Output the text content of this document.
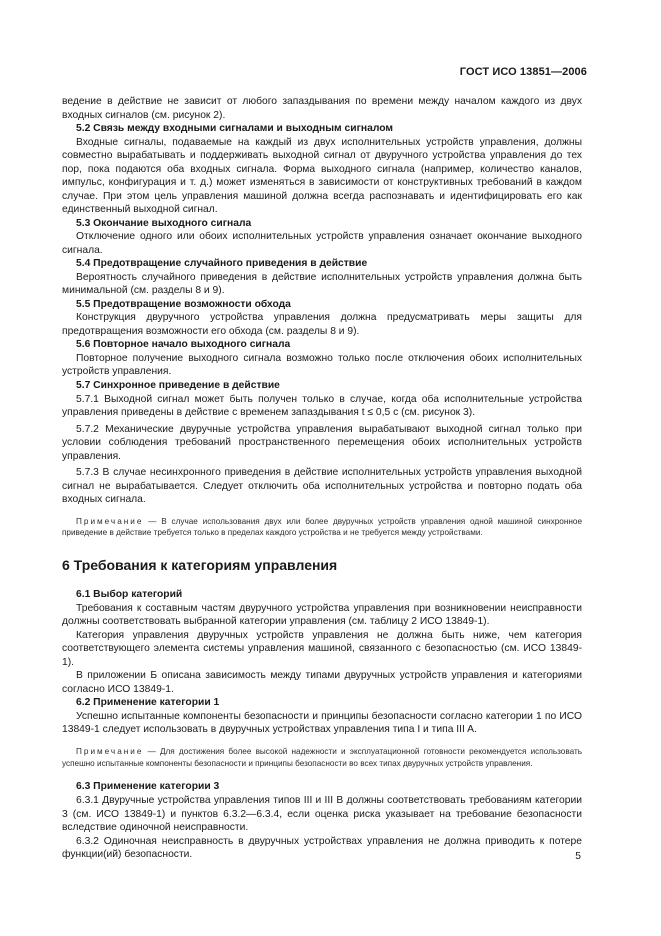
ГОСТ ИСО 13851—2006

ведение в действие не зависит от любого запаздывания по времени между началом каждого из двух входных сигналов (см. рисунок 2).

5.2 Связь между входными сигналами и выходным сигналом

Входные сигналы, подаваемые на каждый из двух исполнительных устройств управления, должны совместно вырабатывать и поддерживать выходной сигнал от двуручного устройства управления до тех пор, пока подаются оба входных сигнала. Форма выходного сигнала (например, количество каналов, импульс, конфигурация и т. д.) может изменяться в зависимости от конструктивных требований в каждом случае. При этом цель управления машиной должна всегда распознавать и идентифицировать его как единственный выходной сигнал.

5.3 Окончание выходного сигнала

Отключение одного или обоих исполнительных устройств управления означает окончание выходного сигнала.

5.4 Предотвращение случайного приведения в действие

Вероятность случайного приведения в действие исполнительных устройств управления должна быть минимальной (см. разделы 8 и 9).

5.5 Предотвращение возможности обхода

Конструкция двуручного устройства управления должна предусматривать меры защиты для предотвращения возможности его обхода (см. разделы 8 и 9).

5.6 Повторное начало выходного сигнала

Повторное получение выходного сигнала возможно только после отключения обоих исполнительных устройств управления.

5.7 Синхронное приведение в действие

5.7.1 Выходной сигнал может быть получен только в случае, когда оба исполнительные устройства управления приведены в действие с временем запаздывания t ≤ 0,5 с (см. рисунок 3).

5.7.2 Механические двуручные устройства управления вырабатывают выходной сигнал только при условии соблюдения требований пространственного перемещения обоих исполнительных устройств управления.

5.7.3 В случае несинхронного приведения в действие исполнительных устройств управления выходной сигнал не вырабатывается. Следует отключить оба исполнительных устройства и повторно подать оба входных сигнала.

Примечание — В случае использования двух или более двуручных устройств управления одной машиной синхронное приведение в действие требуется только в пределах каждого устройства и не требуется между устройствами.
6 Требования к категориям управления
6.1 Выбор категорий

Требования к составным частям двуручного устройства управления при возникновении неисправности должны соответствовать выбранной категории управления (см. таблицу 2 ИСО 13849-1).

Категория управления двуручных устройств управления не должна быть ниже, чем категория соответствующего элемента системы управления машиной, связанного с безопасностью (см. ИСО 13849-1).

В приложении Б описана зависимость между типами двуручных устройств управления и категориями согласно ИСО 13849-1.

6.2 Применение категории 1

Успешно испытанные компоненты безопасности и принципы безопасности согласно категории 1 по ИСО 13849-1 следует использовать в двуручных устройствах управления типа I и типа III A.

Примечание — Для достижения более высокой надежности и эксплуатационной готовности рекомендуется использовать успешно испытанные компоненты безопасности и принципы безопасности во всех типах двуручных устройств управления.
6.3 Применение категории 3

6.3.1 Двуручные устройства управления типов III и III B должны соответствовать требованиям категории 3 (см. ИСО 13849-1) и пунктов 6.3.2—6.3.4, если оценка риска указывает на требование безопасности вследствие одиночной неисправности.

6.3.2 Одиночная неисправность в двуручных устройствах управления не должна приводить к потере функции(ий) безопасности.	5
